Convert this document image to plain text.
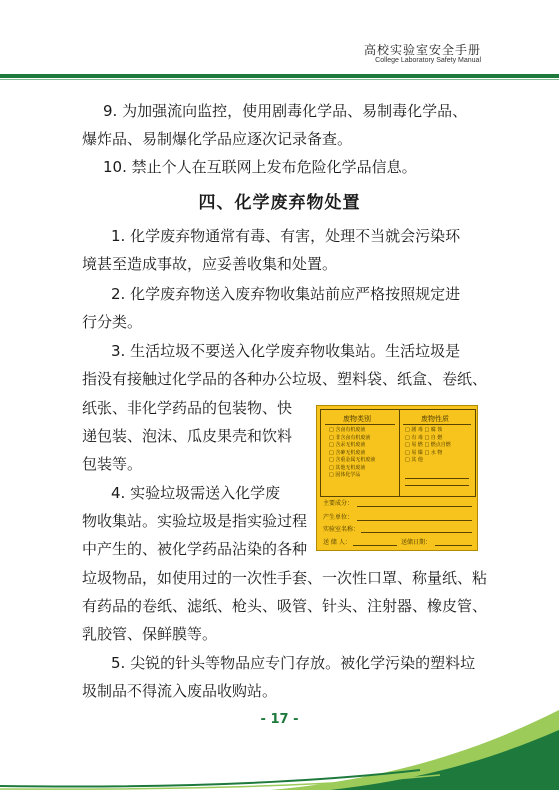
高校实验室安全手册
College Laboratory Safety Manual
9. 为加强流向监控，使用剧毒化学品、易制毒化学品、
爆炸品、易制爆化学品应逐次记录备查。
10. 禁止个人在互联网上发布危险化学品信息。
四、化学废弃物处置
1. 化学废弃物通常有毒、有害，处理不当就会污染环
境甚至造成事故，应妥善收集和处置。
2. 化学废弃物送入废弃物收集站前应严格按照规定进
行分类。
3. 生活垃圾不要送入化学废弃物收集站。生活垃圾是
指没有接触过化学品的各种办公垃圾、塑料袋、纸盒、卷纸、
纸张、非化学药品的包装物、快
递包装、泡沫、瓜皮果壳和饮料
包装等。
4. 实验垃圾需送入化学废
物收集站。实验垃圾是指实验过程
中产生的、被化学药品沾染的各种
垃圾物品，如使用过的一次性手套、一次性口罩、称量纸、粘
有药品的卷纸、滤纸、枪头、吸管、针头、注射器、橡皮管、
乳胶管、保鲜膜等。
5. 尖锐的针头等物品应专门存放。被化学污染的塑料垃
圾制品不得流入废品收购站。
废物类别	废物性质
□ 含卤有机废液
□ 非含卤有机废液
□ 含汞无机废液
□ 含砷无机废液
□ 含重金属无机废液
□ 其他无机废液
□ 固体化学品
□ 剧 毒 □ 腐 蚀
□ 有 毒 □ 自 燃
□ 易 燃 □ 燃点自燃
□ 易 爆 □ 水 物
□ 其 他
主要成分：
产生单位：
实验室名称：
送 储 人：	送储日期：
- 17 -
